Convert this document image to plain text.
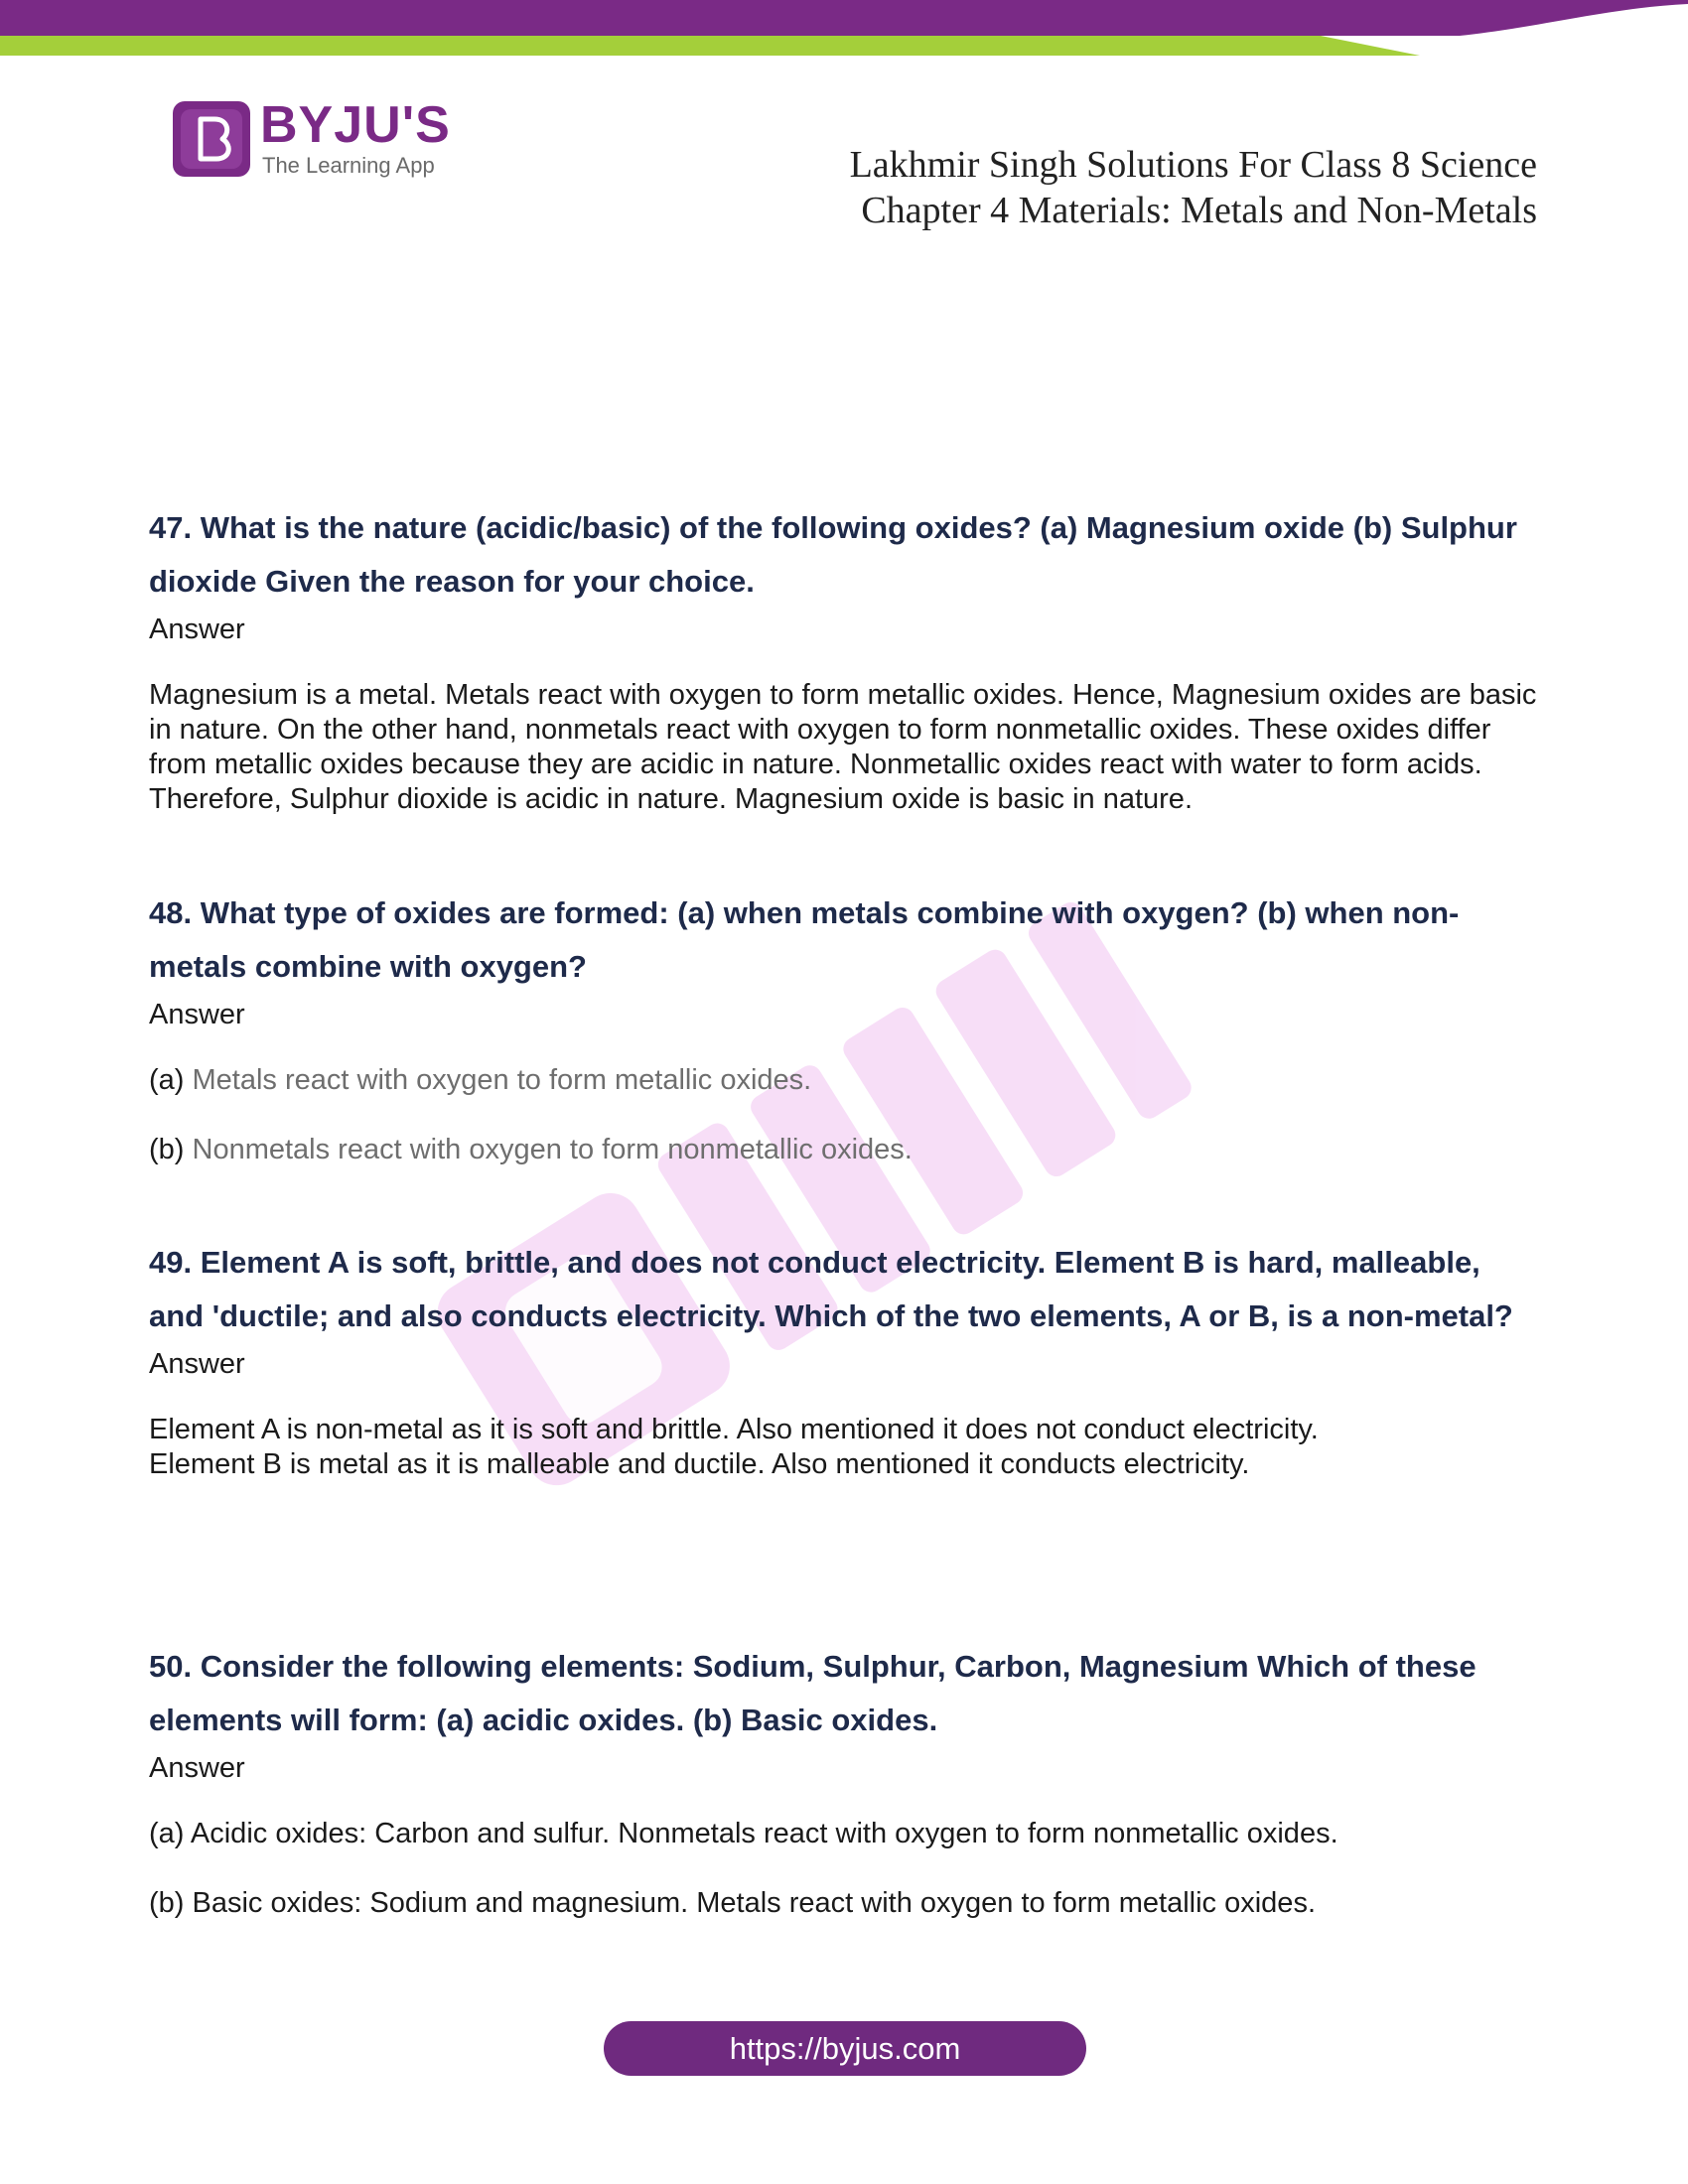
BYJU'S
The Learning App	Lakhmir Singh Solutions For Class 8 Science
Chapter 4 Materials: Metals and Non-Metals

47. What is the nature (acidic/basic) of the following oxides? (a) Magnesium oxide (b) Sulphur dioxide Given the reason for your choice.

Answer

Magnesium is a metal. Metals react with oxygen to form metallic oxides. Hence, Magnesium oxides are basic in nature. On the other hand, nonmetals react with oxygen to form nonmetallic oxides. These oxides differ from metallic oxides because they are acidic in nature. Nonmetallic oxides react with water to form acids. Therefore, Sulphur dioxide is acidic in nature. Magnesium oxide is basic in nature.

48. What type of oxides are formed: (a) when metals combine with oxygen? (b) when non-metals combine with oxygen?

Answer

(a) Metals react with oxygen to form metallic oxides.

(b) Nonmetals react with oxygen to form nonmetallic oxides.

49. Element A is soft, brittle, and does not conduct electricity. Element B is hard, malleable, and 'ductile; and also conducts electricity. Which of the two elements, A or B, is a non-metal?

Answer

Element A is non-metal as it is soft and brittle. Also mentioned it does not conduct electricity.

Element B is metal as it is malleable and ductile. Also mentioned it conducts electricity.

50. Consider the following elements: Sodium, Sulphur, Carbon, Magnesium Which of these elements will form: (a) acidic oxides. (b) Basic oxides.

Answer

(a) Acidic oxides: Carbon and sulfur. Nonmetals react with oxygen to form nonmetallic oxides.

(b) Basic oxides: Sodium and magnesium. Metals react with oxygen to form metallic oxides.

https://byjus.com
